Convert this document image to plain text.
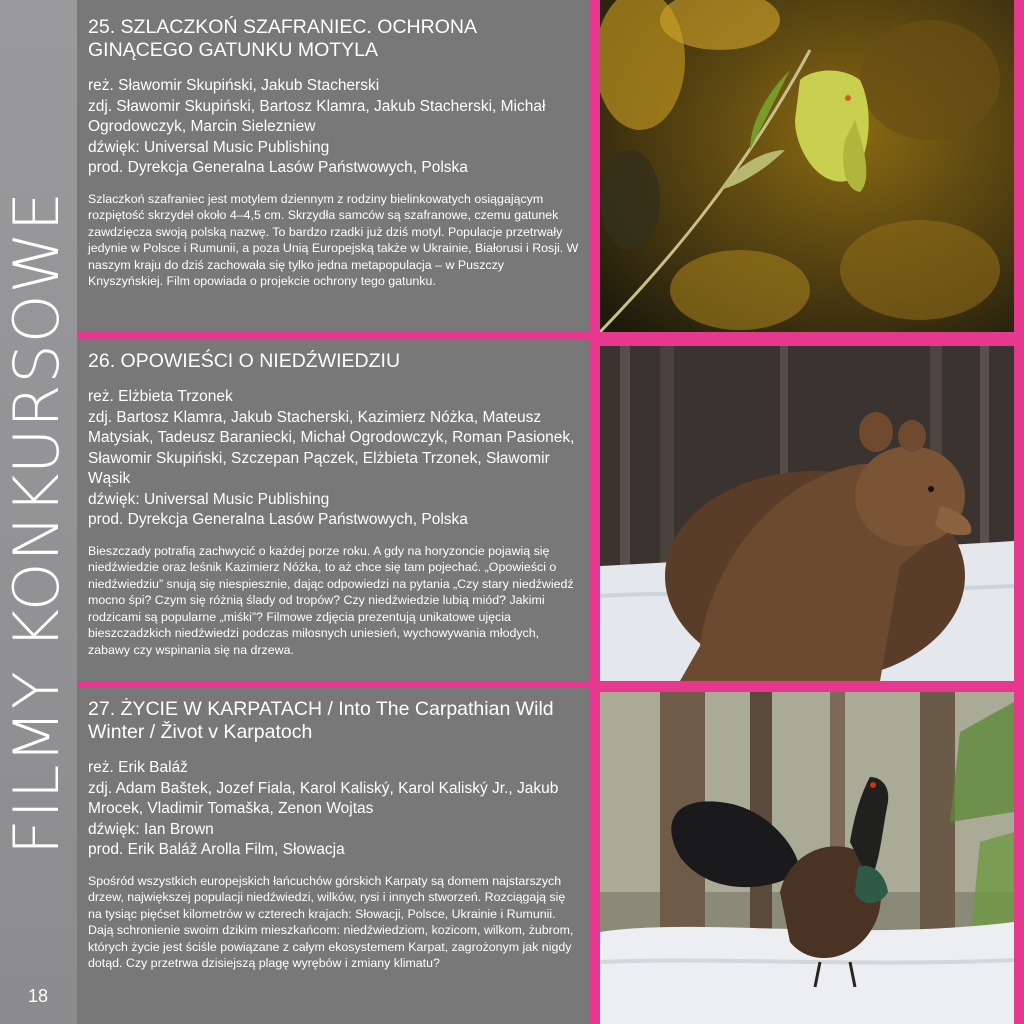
FILMY KONKURSOWE
18
25. SZLACZKOŃ SZAFRANIEC. OCHRONA GINĄCEGO GATUNKU MOTYLA
reż. Sławomir Skupiński, Jakub Stacherski
zdj. Sławomir Skupiński, Bartosz Klamra, Jakub Stacherski, Michał Ogrodowczyk, Marcin Sielezniew
dźwięk: Universal Music Publishing
prod. Dyrekcja Generalna Lasów Państwowych, Polska
Szlaczkoń szafraniec jest motylem dziennym z rodziny bielinkowatych osiągającym rozpiętość skrzydeł około 4–4,5 cm. Skrzydła samców są szafranowe, czemu gatunek zawdzięcza swoją polską nazwę. To bardzo rzadki już dziś motyl. Populacje przetrwały jedynie w Polsce i Rumunii, a poza Unią Europejską także w Ukrainie, Białorusi i Rosji. W naszym kraju do dziś zachowała się tylko jedna metapopulacja – w Puszczy Knyszyńskiej. Film opowiada o projekcie ochrony tego gatunku.
26. OPOWIEŚCI O NIEDŹWIEDZIU
reż. Elżbieta Trzonek
zdj. Bartosz Klamra, Jakub Stacherski, Kazimierz Nóżka, Mateusz Matysiak, Tadeusz Baraniecki, Michał Ogrodowczyk, Roman Pasionek, Sławomir Skupiński, Szczepan Pączek, Elżbieta Trzonek, Sławomir Wąsik
dźwięk: Universal Music Publishing
prod. Dyrekcja Generalna Lasów Państwowych, Polska
Bieszczady potrafią zachwycić o każdej porze roku. A gdy na horyzoncie pojawią się niedźwiedzie oraz leśnik Kazimierz Nóżka, to aż chce się tam pojechać. „Opowieści o niedźwiedziu” snują się niespiesznie, dając odpowiedzi na pytania „Czy stary niedźwiedź mocno śpi? Czym się różnią ślady od tropów? Czy niedźwiedzie lubią miód? Jakimi rodzicami są popularne „miśki”? Filmowe zdjęcia prezentują unikatowe ujęcia bieszczadzkich niedźwiedzi podczas miłosnych uniesień, wychowywania młodych, zabawy czy wspinania się na drzewa.
27. ŻYCIE W KARPATACH / Into The Carpathian Wild Winter / Život v Karpatoch
reż. Erik Baláž
zdj. Adam Baštek, Jozef Fiala, Karol Kaliský, Karol Kaliský Jr., Jakub Mrocek, Vladimir Tomaška, Zenon Wojtas
dźwięk: Ian Brown
prod. Erik Baláž Arolla Film, Słowacja
Spośród wszystkich europejskich łańcuchów górskich Karpaty są domem najstarszych drzew, największej populacji niedźwiedzi, wilków, rysi i innych stworzeń. Rozciągają się na tysiąc pięćset kilometrów w czterech krajach: Słowacji, Polsce, Ukrainie i Rumunii. Dają schronienie swoim dzikim mieszkańcom: niedźwiedziom, kozicom, wilkom, żubrom, których życie jest ściśle powiązane z całym ekosystemem Karpat, zagrożonym jak nigdy dotąd. Czy przetrwa dzisiejszą plagę wyrębów i zmiany klimatu?
